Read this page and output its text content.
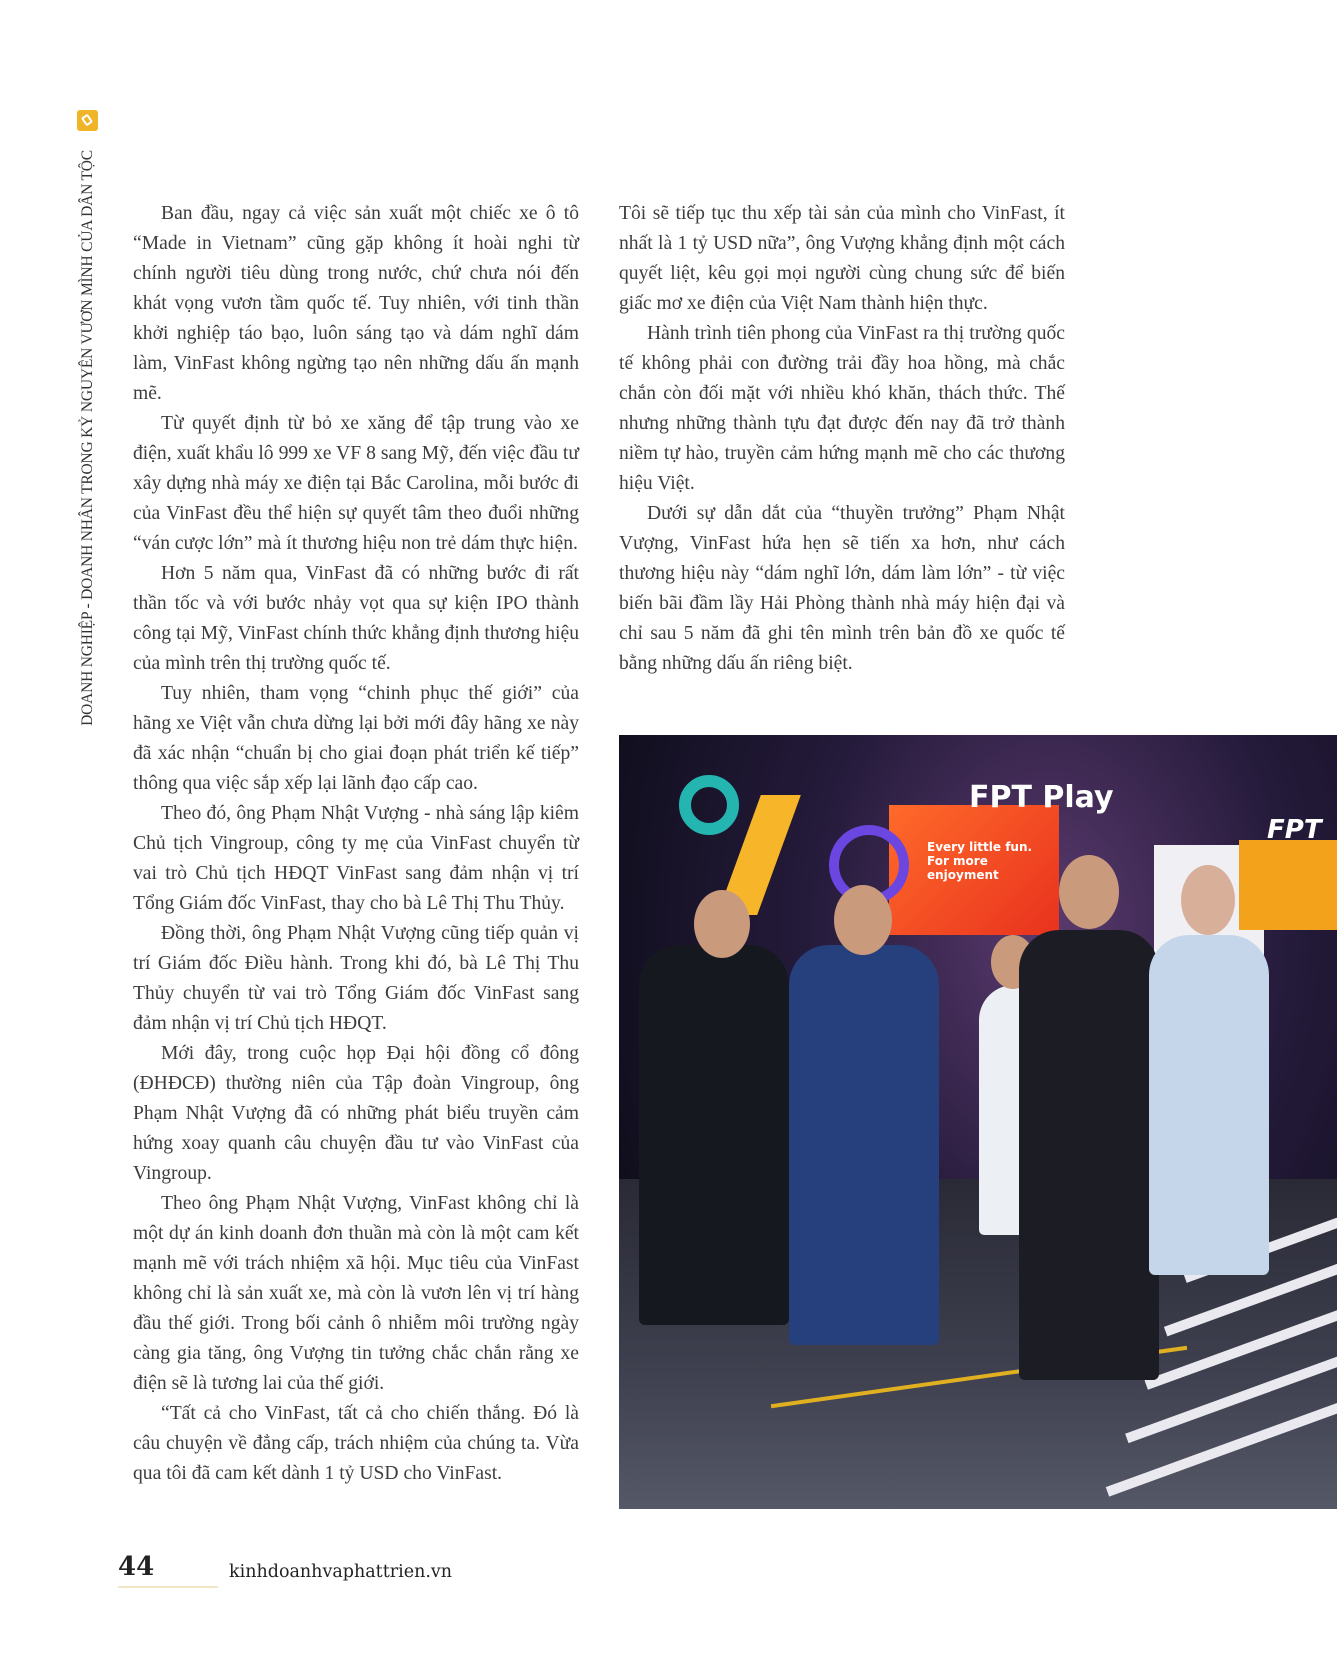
DOANH NGHIỆP - DOANH NHÂN TRONG KỶ NGUYÊN VƯƠN MÌNH CỦA DÂN TỘC	Ban đầu, ngay cả việc sản xuất một chiếc xe ô tô “Made in Vietnam” cũng gặp không ít hoài nghi từ chính người tiêu dùng trong nước, chứ chưa nói đến khát vọng vươn tầm quốc tế. Tuy nhiên, với tinh thần khởi nghiệp táo bạo, luôn sáng tạo và dám nghĩ dám làm, VinFast không ngừng tạo nên những dấu ấn mạnh mẽ.

Từ quyết định từ bỏ xe xăng để tập trung vào xe điện, xuất khẩu lô 999 xe VF 8 sang Mỹ, đến việc đầu tư xây dựng nhà máy xe điện tại Bắc Carolina, mỗi bước đi của VinFast đều thể hiện sự quyết tâm theo đuổi những “ván cược lớn” mà ít thương hiệu non trẻ dám thực hiện.

Hơn 5 năm qua, VinFast đã có những bước đi rất thần tốc và với bước nhảy vọt qua sự kiện IPO thành công tại Mỹ, VinFast chính thức khẳng định thương hiệu của mình trên thị trường quốc tế.

Tuy nhiên, tham vọng “chinh phục thế giới” của hãng xe Việt vẫn chưa dừng lại bởi mới đây hãng xe này đã xác nhận “chuẩn bị cho giai đoạn phát triển kế tiếp” thông qua việc sắp xếp lại lãnh đạo cấp cao.

Theo đó, ông Phạm Nhật Vượng - nhà sáng lập kiêm Chủ tịch Vingroup, công ty mẹ của VinFast chuyển từ vai trò Chủ tịch HĐQT VinFast sang đảm nhận vị trí Tổng Giám đốc VinFast, thay cho bà Lê Thị Thu Thủy.

Đồng thời, ông Phạm Nhật Vượng cũng tiếp quản vị trí Giám đốc Điều hành. Trong khi đó, bà Lê Thị Thu Thủy chuyển từ vai trò Tổng Giám đốc VinFast sang đảm nhận vị trí Chủ tịch HĐQT.

Mới đây, trong cuộc họp Đại hội đồng cổ đông (ĐHĐCĐ) thường niên của Tập đoàn Vingroup, ông Phạm Nhật Vượng đã có những phát biểu truyền cảm hứng xoay quanh câu chuyện đầu tư vào VinFast của Vingroup.

Theo ông Phạm Nhật Vượng, VinFast không chỉ là một dự án kinh doanh đơn thuần mà còn là một cam kết mạnh mẽ với trách nhiệm xã hội. Mục tiêu của VinFast không chỉ là sản xuất xe, mà còn là vươn lên vị trí hàng đầu thế giới. Trong bối cảnh ô nhiễm môi trường ngày càng gia tăng, ông Vượng tin tưởng chắc chắn rằng xe điện sẽ là tương lai của thế giới.

“Tất cả cho VinFast, tất cả cho chiến thắng. Đó là câu chuyện về đẳng cấp, trách nhiệm của chúng ta. Vừa qua tôi đã cam kết dành 1 tỷ USD cho VinFast.

Tôi sẽ tiếp tục thu xếp tài sản của mình cho VinFast, ít nhất là 1 tỷ USD nữa”, ông Vượng khẳng định một cách quyết liệt, kêu gọi mọi người cùng chung sức để biến giấc mơ xe điện của Việt Nam thành hiện thực.

Hành trình tiên phong của VinFast ra thị trường quốc tế không phải con đường trải đầy hoa hồng, mà chắc chắn còn đối mặt với nhiều khó khăn, thách thức. Thế nhưng những thành tựu đạt được đến nay đã trở thành niềm tự hào, truyền cảm hứng mạnh mẽ cho các thương hiệu Việt.

Dưới sự dẫn dắt của “thuyền trưởng” Phạm Nhật Vượng, VinFast hứa hẹn sẽ tiến xa hơn, như cách thương hiệu này “dám nghĩ lớn, dám làm lớn” - từ việc biến bãi đầm lầy Hải Phòng thành nhà máy hiện đại và chỉ sau 5 năm đã ghi tên mình trên bản đồ xe quốc tế bằng những dấu ấn riêng biệt.

FPT Play
FPT
Every little fun. For more enjoyment
44	kinhdoanhvaphattrien.vn
